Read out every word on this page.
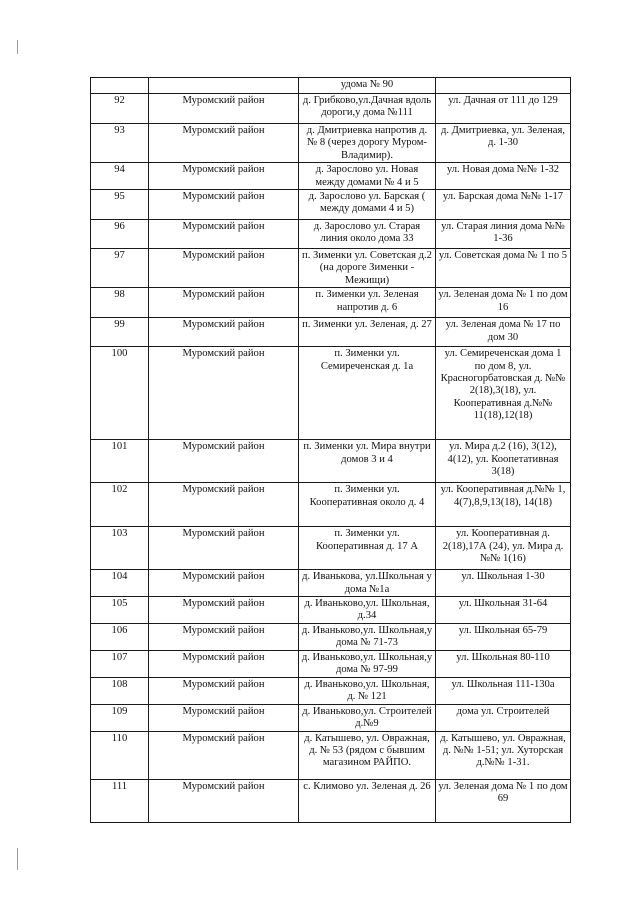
		удома № 90	
92	Муромский район	д. Грибково,ул.Дачная вдоль дороги,у дома №111	ул. Дачная от 111 до 129
93	Муромский район	д. Дмитриевка напротив д. № 8 (через дорогу Муром-Владимир).	д. Дмитриевка, ул. Зеленая, д. 1-30
94	Муромский район	д. Зарослово ул. Новая между домами № 4 и 5	ул. Новая дома №№ 1-32
95	Муромский район	д. Зарослово ул. Барская ( между домами 4 и 5)	ул. Барская дома №№ 1-17
96	Муромский район	д. Зарослово ул. Старая линия около дома 33	ул. Старая линия дома №№ 1-36
97	Муромский район	п. Зименки ул. Советская д.2 (на дороге Зименки - Межищи)	ул. Советская дома № 1 по 5
98	Муромский район	п. Зименки ул. Зеленая напротив д. 6	ул. Зеленая дома № 1 по дом 16
99	Муромский район	п. Зименки ул. Зеленая, д. 27	ул. Зеленая дома № 17 по дом 30
100	Муромский район	п. Зименки ул. Семиреченская д. 1а	ул. Семиреченская дома 1 по дом 8, ул. Красногорбатовская д. №№ 2(18),3(18), ул. Кооперативная д.№№ 11(18),12(18)
101	Муромский район	п. Зименки ул. Мира внутри домов 3 и 4	ул. Мира д.2 (16), 3(12), 4(12), ул. Коопетативная 3(18)
102	Муромский район	п. Зименки ул. Кооперативная около д. 4	ул. Кооперативная д.№№ 1, 4(7),8,9,13(18), 14(18)
103	Муромский район	п. Зименки ул. Кооперативная д. 17 А	ул. Кооперативная д. 2(18),17А (24), ул. Мира д. №№ 1(16)
104	Муромский район	д. Иванькова, ул.Школьная у дома №1а	ул. Школьная 1-30
105	Муромский район	д. Иваньково,ул. Школьная, д.34	ул. Школьная 31-64
106	Муромский район	д. Иваньково,ул. Школьная,у дома № 71-73	ул. Школьная 65-79
107	Муромский район	д. Иваньково,ул. Школьная,у дома № 97-99	ул. Школьная 80-110
108	Муромский район	д. Иваньково,ул. Школьная, д. № 121	ул. Школьная 111-130а
109	Муромский район	д. Иваньково,ул. Строителей д.№9	дома ул. Строителей
110	Муромский район	д. Катышево, ул. Овражная, д. № 53 (рядом с бывшим магазином РАЙПО.	д. Катышево, ул. Овражная, д. №№ 1-51; ул. Хуторская д.№№ 1-31.
111	Муромский район	с. Климово ул. Зеленая д. 26	ул. Зеленая дома № 1 по дом 69
